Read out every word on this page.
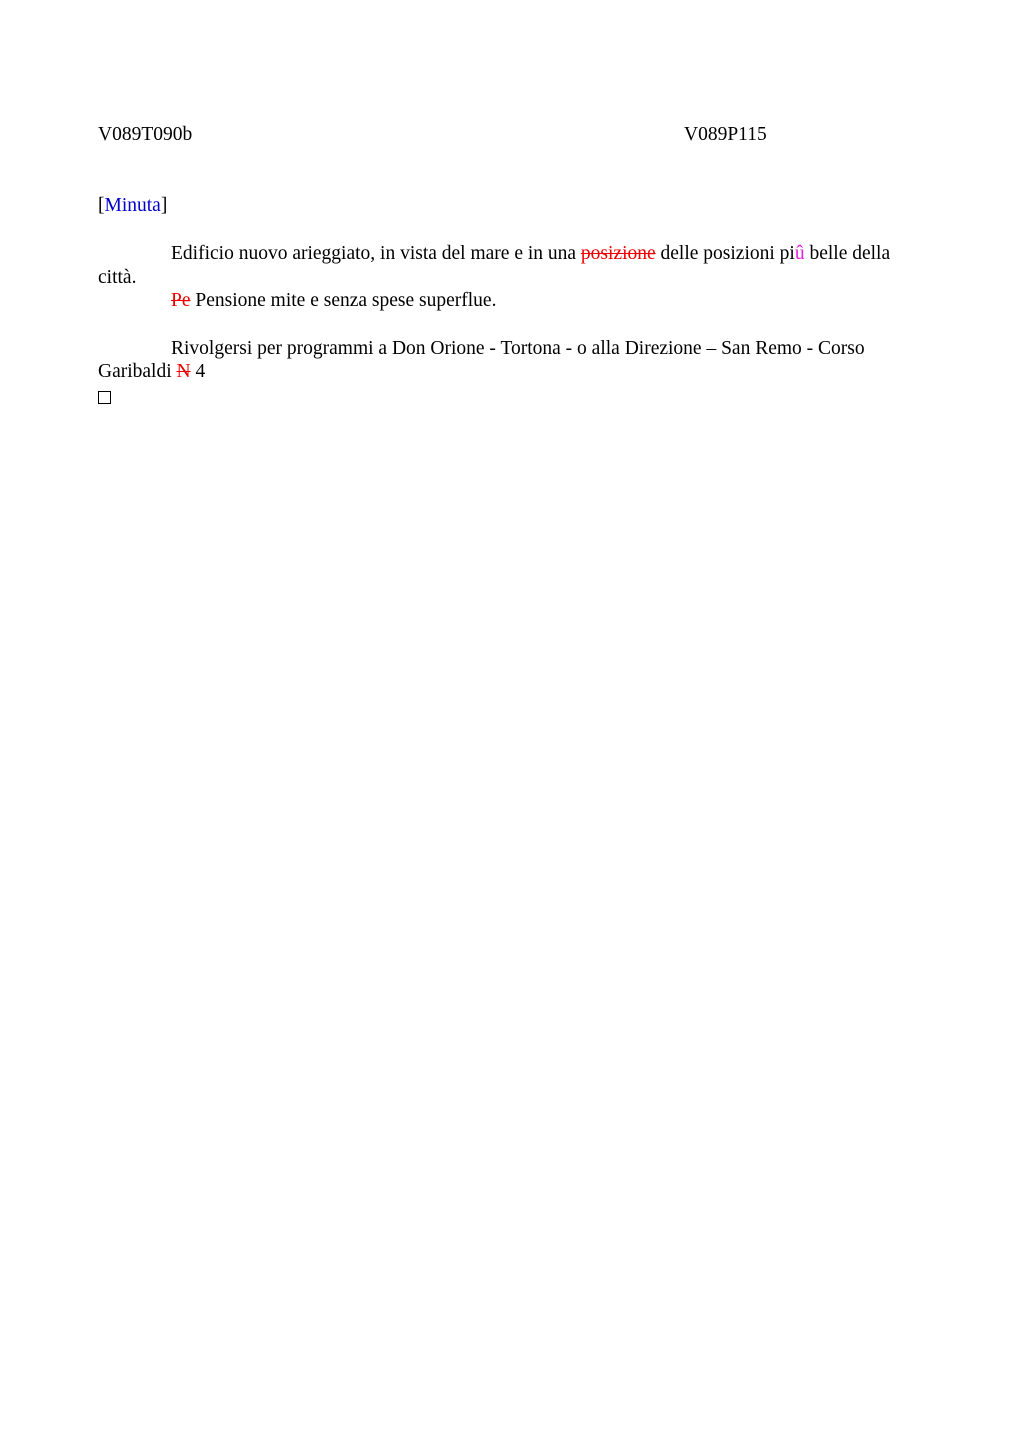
V089T090b	V089P115
[Minuta]

Edificio nuovo arieggiato, in vista del mare e in una posizione delle posizioni piû belle della città.

Pe Pensione mite e senza spese superflue.

Rivolgersi per programmi a Don Orione - Tortona - o alla Direzione – San Remo - Corso Garibaldi N 4
